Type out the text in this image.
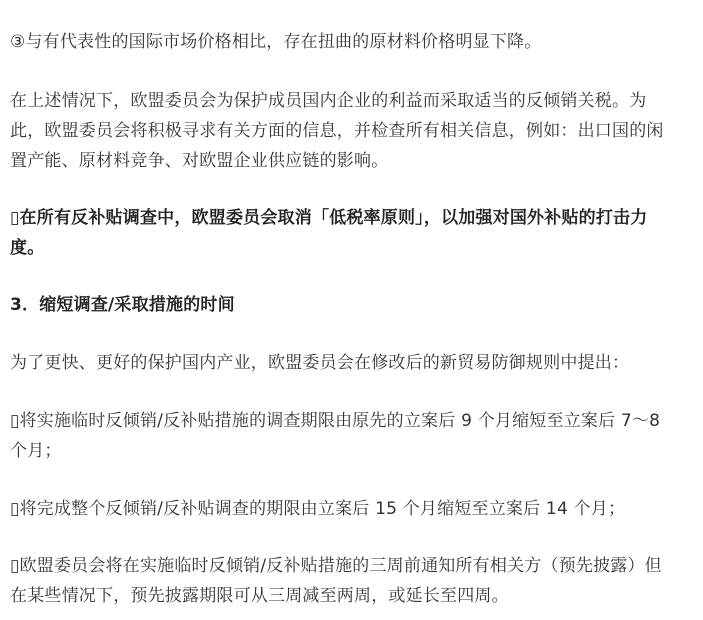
③与有代表性的国际市场价格相比，存在扭曲的原材料价格明显下降。
在上述情况下，欧盟委员会为保护成员国内企业的利益而采取适当的反倾销关税。为
此，欧盟委员会将积极寻求有关方面的信息，并检查所有相关信息，例如：出口国的闲
置产能、原材料竞争、对欧盟企业供应链的影响。
▯在所有反补贴调查中，欧盟委员会取消「低税率原则」，以加强对国外补贴的打击力
度。
3．缩短调查/采取措施的时间
为了更快、更好的保护国内产业，欧盟委员会在修改后的新贸易防御规则中提出：
▯将实施临时反倾销/反补贴措施的调查期限由原先的立案后 9 个月缩短至立案后 7～8
个月；
▯将完成整个反倾销/反补贴调查的期限由立案后 15 个月缩短至立案后 14 个月；
▯欧盟委员会将在实施临时反倾销/反补贴措施的三周前通知所有相关方（预先披露）但
在某些情况下，预先披露期限可从三周减至两周，或延长至四周。
